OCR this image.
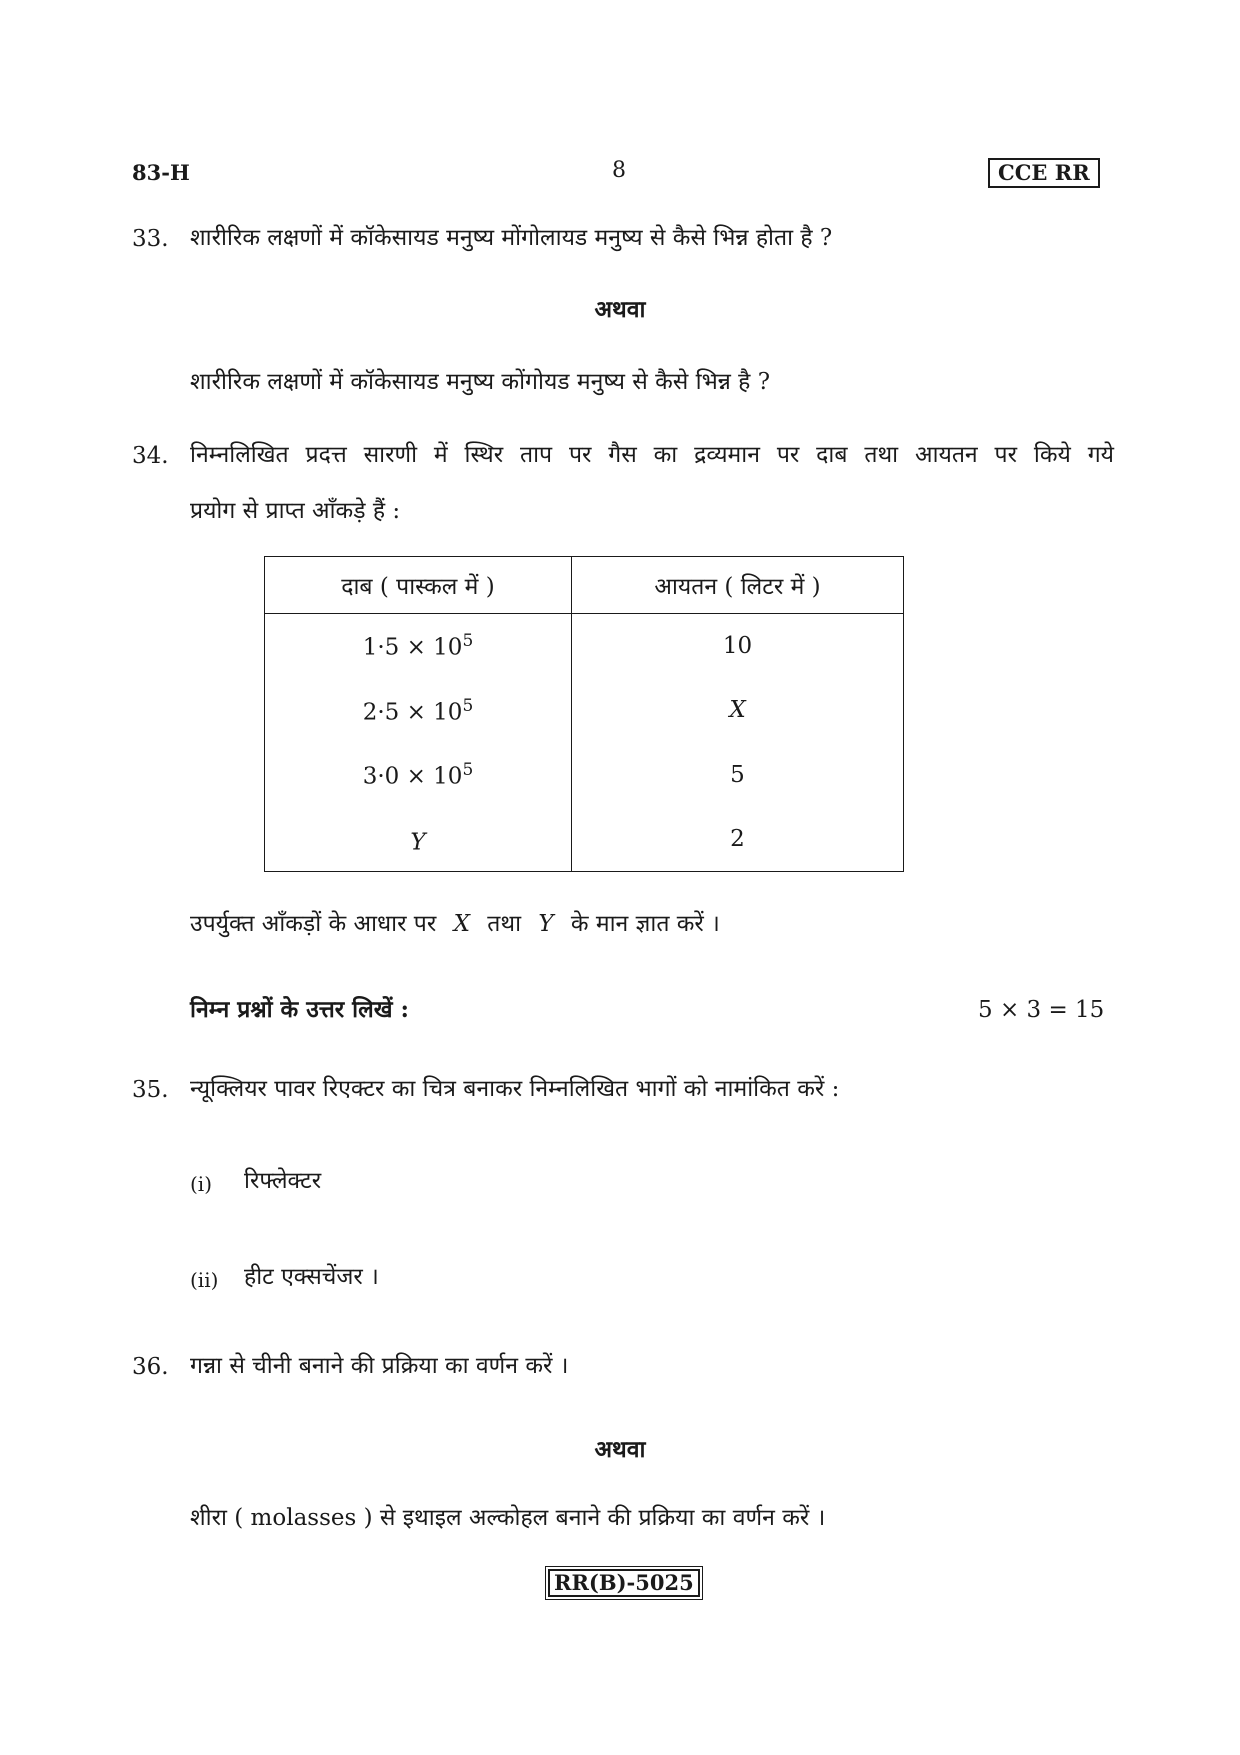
83-H	8	CCE RR
33. शारीरिक लक्षणों में कॉकेसायड मनुष्य मोंगोलायड मनुष्य से कैसे भिन्न होता है ?
अथवा
शारीरिक लक्षणों में कॉकेसायड मनुष्य कोंगोयड मनुष्य से कैसे भिन्न है ?
34. निम्नलिखित प्रदत्त सारणी में स्थिर ताप पर गैस का द्रव्यमान पर दाब तथा आयतन पर किये गये
प्रयोग से प्राप्त आँकड़े हैं :
दाब ( पास्कल में )	आयतन ( लिटर में )
$1\cdot 5 \times 10^5$	10
$2\cdot 5 \times 10^5$	X
$3\cdot 0 \times 10^5$	5
Y	2
उपर्युक्त आँकड़ों के आधार पर X तथा Y के मान ज्ञात करें ।
निम्न प्रश्नों के उत्तर लिखें :	5 × 3 = 15
35. न्यूक्लियर पावर रिएक्टर का चित्र बनाकर निम्नलिखित भागों को नामांकित करें :
(i) रिफ्लेक्टर
(ii) हीट एक्सचेंजर ।
36. गन्ना से चीनी बनाने की प्रक्रिया का वर्णन करें ।
अथवा
शीरा ( molasses ) से इथाइल अल्कोहल बनाने की प्रक्रिया का वर्णन करें ।
RR(B)-5025
